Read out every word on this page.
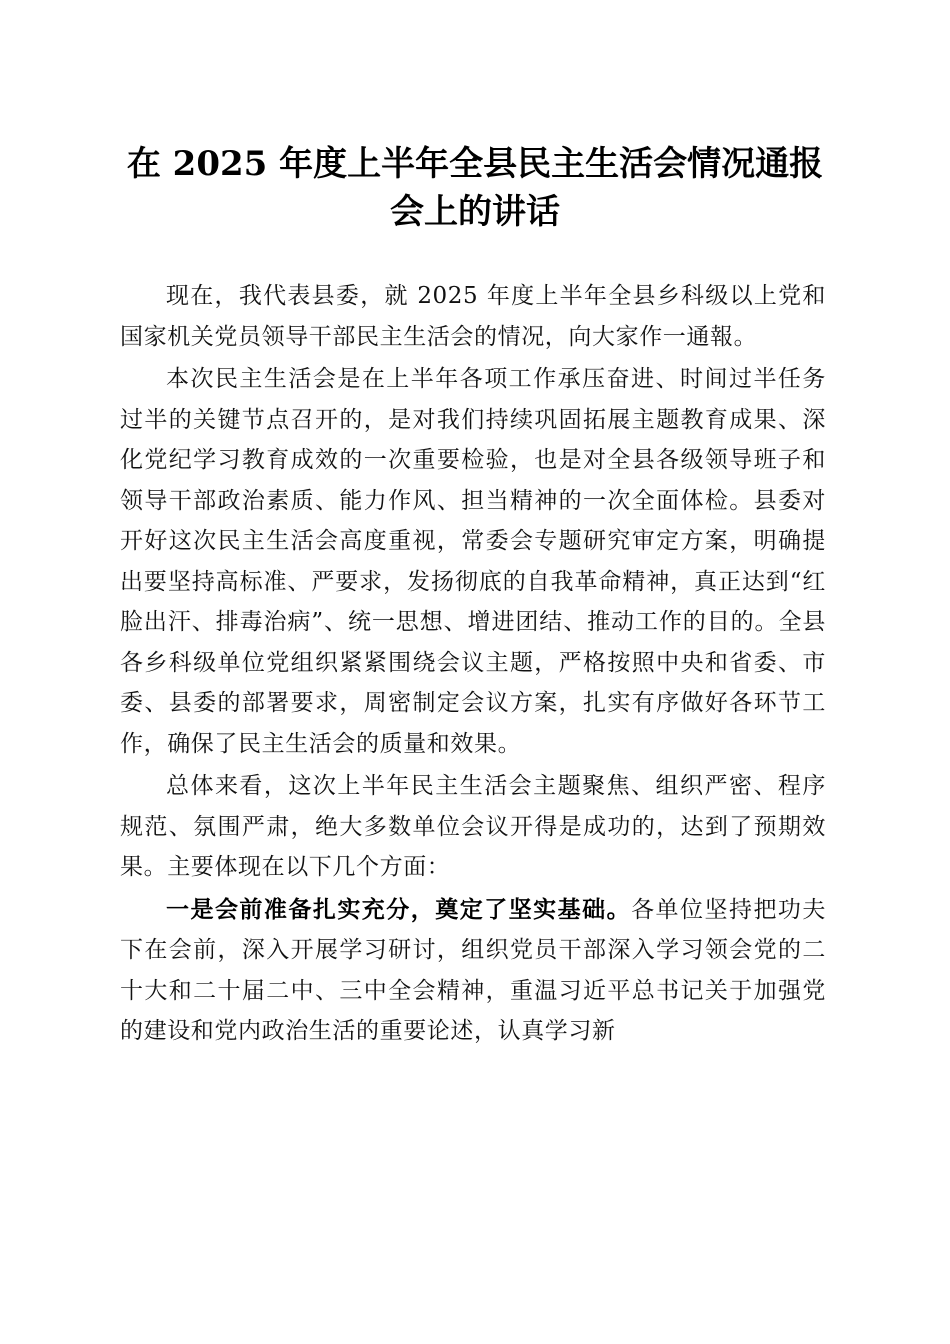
在 2025 年度上半年全县民主生活会情况通报
会上的讲话

现在，我代表县委，就 2025 年度上半年全县乡科级以上党和国家机关党员领导干部民主生活会的情况，向大家作一通報。

本次民主生活会是在上半年各项工作承压奋进、时间过半任务过半的关键节点召开的，是对我们持续巩固拓展主题教育成果、深化党纪学习教育成效的一次重要检验，也是对全县各级领导班子和领导干部政治素质、能力作风、担当精神的一次全面体检。县委对开好这次民主生活会高度重视，常委会专题研究审定方案，明确提出要坚持高标准、严要求，发扬彻底的自我革命精神，真正达到“红脸出汗、排毒治病”、统一思想、增进团结、推动工作的目的。全县各乡科级单位党组织紧紧围绕会议主题，严格按照中央和省委、市委、县委的部署要求，周密制定会议方案，扎实有序做好各环节工作，确保了民主生活会的质量和效果。

总体来看，这次上半年民主生活会主题聚焦、组织严密、程序规范、氛围严肃，绝大多数单位会议开得是成功的，达到了预期效果。主要体现在以下几个方面：

一是会前准备扎实充分，奠定了坚实基础。各单位坚持把功夫下在会前，深入开展学习研讨，组织党员干部深入学习领会党的二十大和二十届二中、三中全会精神，重温习近平总书记关于加强党的建设和党内政治生活的重要论述，认真学习新
